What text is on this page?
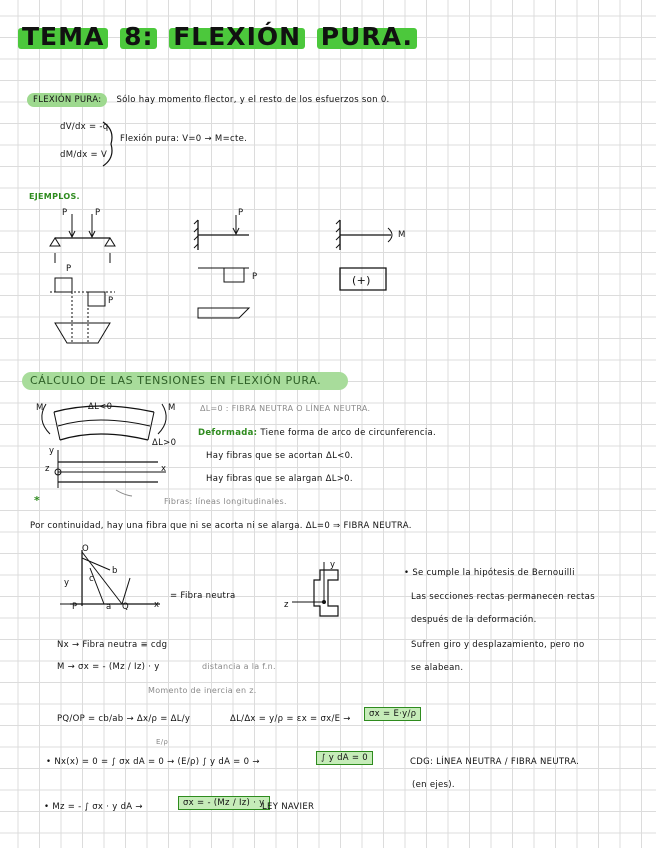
TEMA 8: FLEXIÓN PURA.
FLEXIÓN PURA: Sólo hay momento flector, y el resto de los esfuerzos son 0.
dV/dx = -q
dM/dx = V
Flexión pura: V=0 → M=cte.
EJEMPLOS.
P	P
P
P
P
P
M
(+)
CÁLCULO DE LAS TENSIONES EN FLEXIÓN PURA.
M	M
ΔL<0
ΔL>0
y
z	x
*
ΔL=0 : FIBRA NEUTRA O LÍNEA NEUTRA.
Deformada: Tiene forma de arco de circunferencia.
Hay fibras que se acortan ΔL<0.
Hay fibras que se alargan ΔL>0.
Fibras: líneas longitudinales.
Por continuidad, hay una fibra que ni se acorta ni se alarga. ΔL=0 ⇒ FIBRA NEUTRA.
O
b
c
P	a Q
y
x
= Fibra neutra
y
z
• Se cumple la hipótesis de Bernouilli
Las secciones rectas permanecen rectas
después de la deformación.
Sufren giro y desplazamiento, pero no
se alabean.
Nx → Fibra neutra ≡ cdg
M → σx = - (Mz / Iz) · y	distancia a la f.n.
Momento de inercia en z.
PQ/OP = cb/ab → Δx/ρ = ΔL/y	ΔL/Δx = y/ρ = εx = σx/E →	σx = E·y/ρ
E/ρ
• Nx(x) = 0 = ∫ σx dA = 0 → (E/ρ) ∫ y dA = 0 →	∫ y dA = 0	CDG: LÍNEA NEUTRA / FIBRA NEUTRA.
(en ejes).
• Mz = - ∫ σx · y dA →	σx = - (Mz / Iz) · y
LEY NAVIER
